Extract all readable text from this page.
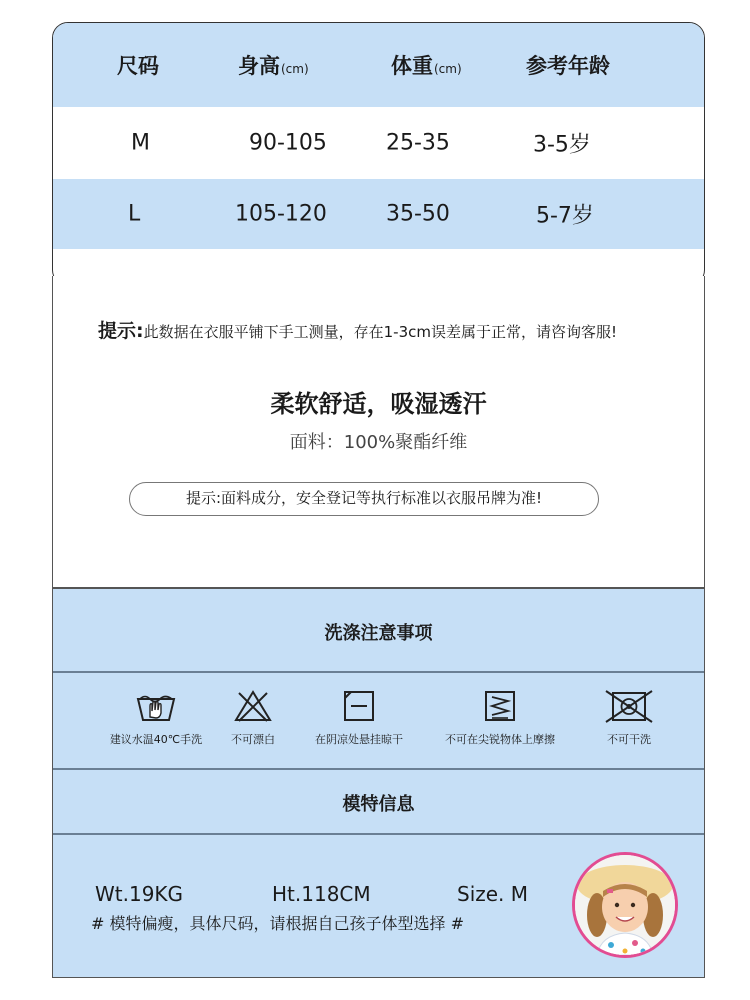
尺码	身高(cm)	体重(cm)	参考年龄
M	90-105	25-35	3-5岁
L	105-120	35-50	5-7岁
提示:此数据在衣服平铺下手工测量，存在1-3cm误差属于正常，请咨询客服!
柔软舒适，吸湿透汗
面料：100%聚酯纤维
提示:面料成分，安全登记等执行标准以衣服吊牌为准!
洗涤注意事项
建议水温40℃手洗	不可漂白	在阴凉处悬挂晾干	不可在尖锐物体上摩擦	不可干洗
模特信息
Wt.19KG	Ht.118CM	Size. M
# 模特偏瘦，具体尺码，请根据自己孩子体型选择 #
